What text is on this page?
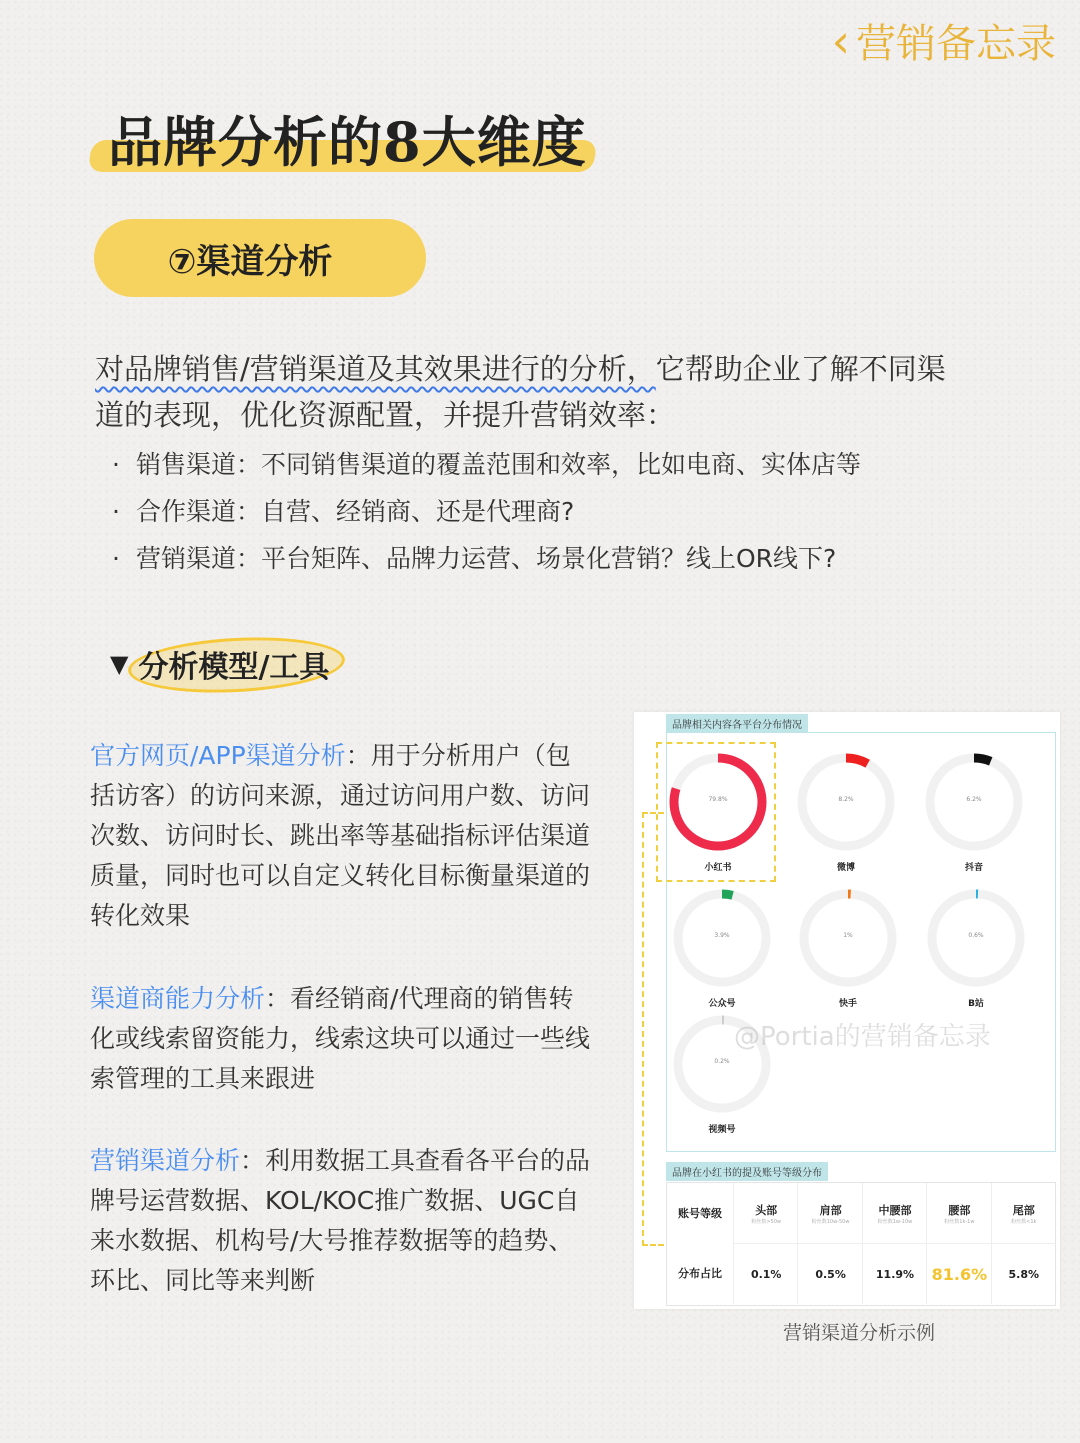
‹ 营销备忘录
品牌分析的8大维度
⑦渠道分析
对品牌销售/营销渠道及其效果进行的分析，它帮助企业了解不同渠
道的表现，优化资源配置，并提升营销效率：
· 销售渠道：不同销售渠道的覆盖范围和效率，比如电商、实体店等
· 合作渠道：自营、经销商、还是代理商?
· 营销渠道：平台矩阵、品牌力运营、场景化营销？线上OR线下?
▼ 分析模型/工具
官方网页/APP渠道分析：用于分析用户（包括访客）的访问来源，通过访问用户数、访问次数、访问时长、跳出率等基础指标评估渠道质量，同时也可以自定义转化目标衡量渠道的转化效果
渠道商能力分析：看经销商/代理商的销售转化或线索留资能力，线索这块可以通过一些线索管理的工具来跟进
营销渠道分析：利用数据工具查看各平台的品牌号运营数据、KOL/KOC推广数据、UGC自来水数据、机构号/大号推荐数据等的趋势、环比、同比等来判断
品牌相关内容各平台分布情况
79.8%
小红书
8.2%
微博
6.2%
抖音
3.9%
公众号
1%
快手
0.6%
B站
0.2%
视频号
@Portia的营销备忘录
品牌在小红书的提及账号等级分布
账号等级
分布占比
头部
粉丝数>50w
0.1%
肩部
粉丝数10w-50w
0.5%
中腰部
粉丝数1w-10w
11.9%
腰部
粉丝数1k-1w
81.6%
尾部
粉丝数<1k
5.8%
营销渠道分析示例
